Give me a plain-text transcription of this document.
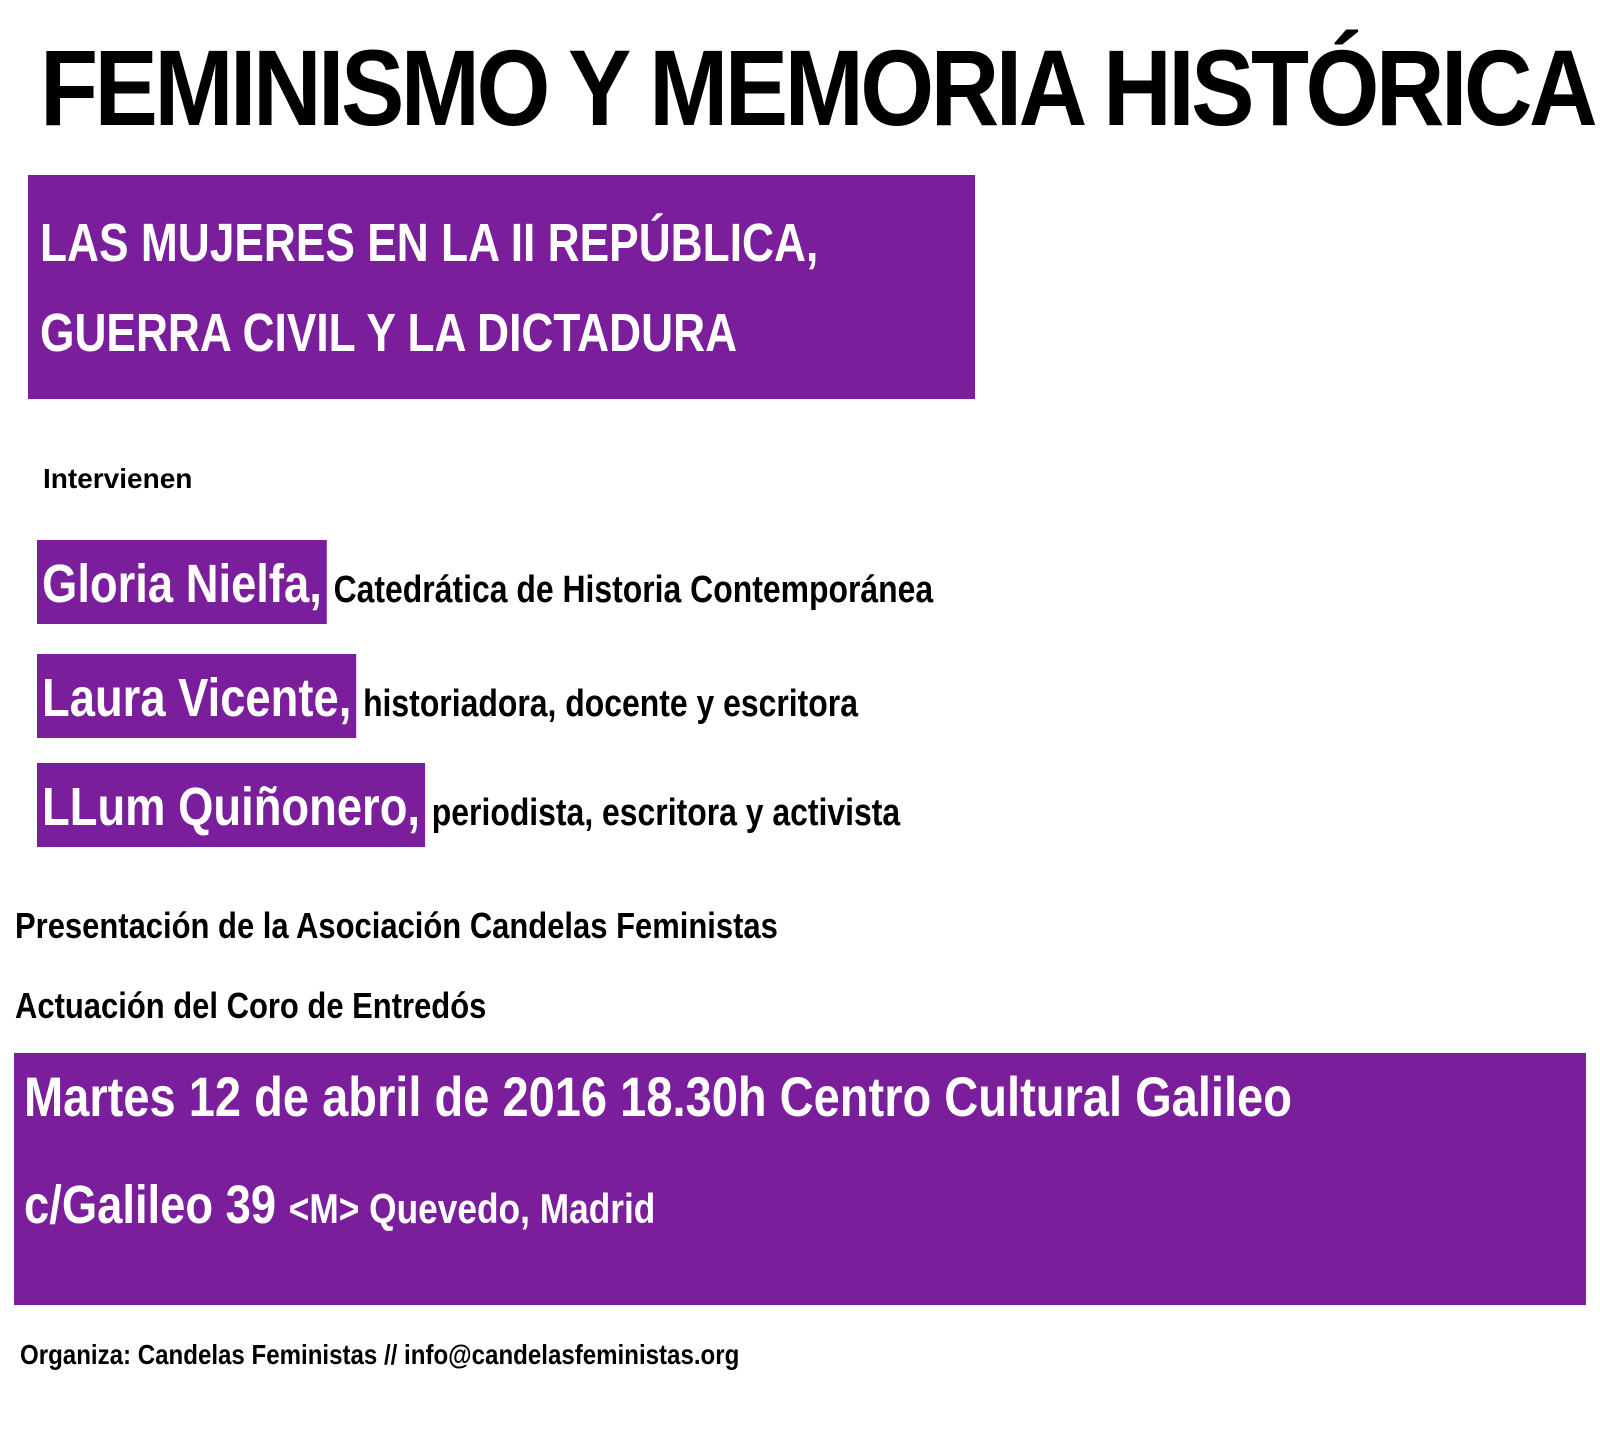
FEMINISMO Y MEMORIA HISTÓRICA
LAS MUJERES EN LA II REPÚBLICA,
GUERRA CIVIL Y LA DICTADURA
Intervienen
Gloria Nielfa, Catedrática de Historia Contemporánea
Laura Vicente, historiadora, docente y escritora
LLum Quiñonero, periodista, escritora y activista
Presentación de la Asociación Candelas Feministas
Actuación del Coro de Entredós
Martes 12 de abril de 2016 18.30h Centro Cultural Galileo
c/Galileo 39 <M> Quevedo, Madrid
Organiza: Candelas Feministas // info@candelasfeministas.org
